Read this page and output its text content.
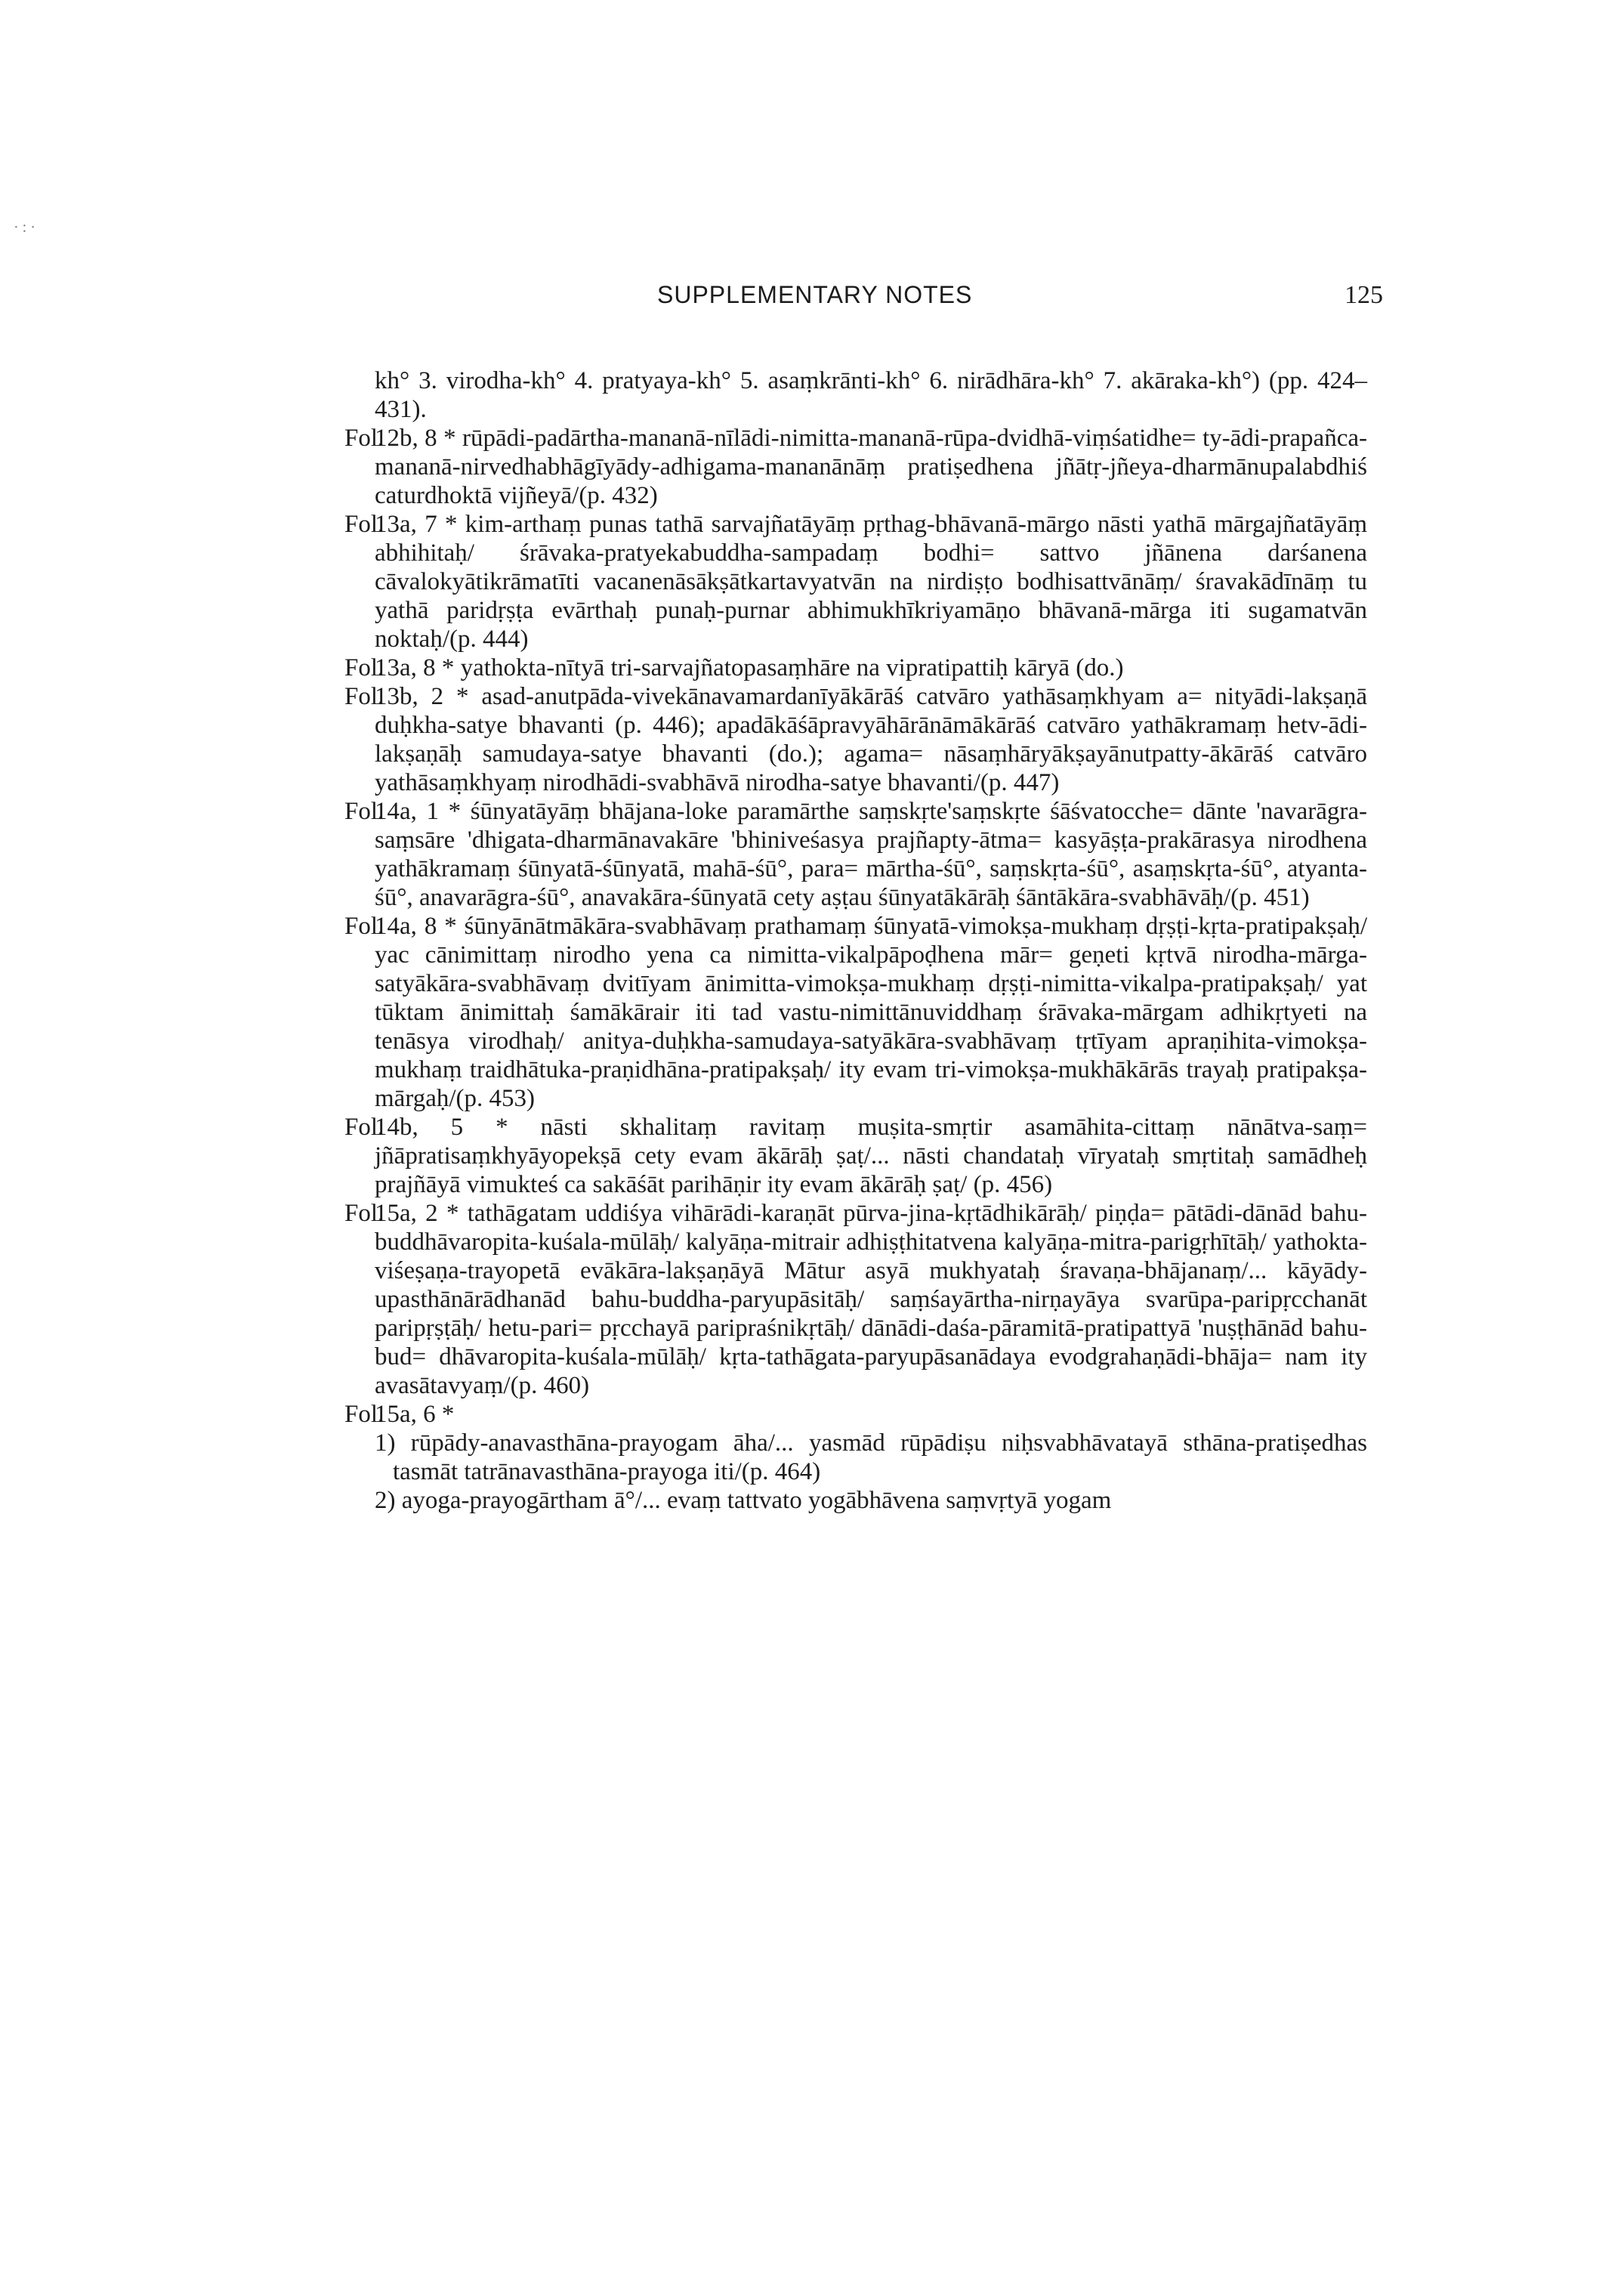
SUPPLEMENTARY NOTES	125
· : ·
kh° 3. virodha-kh° 4. pratyaya-kh° 5. asaṃkrānti-kh° 6. nirādhāra-kh° 7. akāraka-kh°) (pp. 424–431).
Fol.
12b, 8 * rūpādi-padārtha-mananā-nīlādi-nimitta-mananā-rūpa-dvidhā-viṃśatidhe= ty-ādi-prapañca-mananā-nirvedhabhāgīyādy-adhigama-mananānāṃ pratiṣedhena jñātṛ-jñeya-dharmānupalabdhiś caturdhoktā vijñeyā/(p. 432)
Fol.
13a, 7 * kim-arthaṃ punas tathā sarvajñatāyāṃ pṛthag-bhāvanā-mārgo nāsti yathā mārgajñatāyāṃ abhihitaḥ/ śrāvaka-pratyekabuddha-sampadaṃ bodhi= sattvo jñānena darśanena cāvalokyātikrāmatīti vacanenāsākṣātkartavyatvān na nirdiṣṭo bodhisattvānāṃ/ śravakādīnāṃ tu yathā paridṛṣṭa evārthaḥ punaḥ-purnar abhimukhīkriyamāṇo bhāvanā-mārga iti sugamatvān noktaḥ/(p. 444)
Fol.
13a, 8 * yathokta-nītyā tri-sarvajñatopasaṃhāre na vipratipattiḥ kāryā (do.)
Fol.
13b, 2 * asad-anutpāda-vivekānavamardanīyākārāś catvāro yathāsaṃkhyam a= nityādi-lakṣaṇā duḥkha-satye bhavanti (p. 446); apadākāśāpravyāhārānāmākārāś catvāro yathākramaṃ hetv-ādi-lakṣaṇāḥ samudaya-satye bhavanti (do.); agama= nāsaṃhāryākṣayānutpatty-ākārāś catvāro yathāsaṃkhyaṃ nirodhādi-svabhāvā nirodha-satye bhavanti/(p. 447)
Fol.
14a, 1 * śūnyatāyāṃ bhājana-loke paramārthe saṃskṛte'saṃskṛte śāśvatocche= dānte 'navarāgra-saṃsāre 'dhigata-dharmānavakāre 'bhiniveśasya prajñapty-ātma= kasyāṣṭa-prakārasya nirodhena yathākramaṃ śūnyatā-śūnyatā, mahā-śū°, para= mārtha-śū°, saṃskṛta-śū°, asaṃskṛta-śū°, atyanta-śū°, anavarāgra-śū°, anavakāra-śūnyatā cety aṣṭau śūnyatākārāḥ śāntākāra-svabhāvāḥ/(p. 451)
Fol.
14a, 8 * śūnyānātmākāra-svabhāvaṃ prathamaṃ śūnyatā-vimokṣa-mukhaṃ dṛṣṭi-kṛta-pratipakṣaḥ/ yac cānimittaṃ nirodho yena ca nimitta-vikalpāpoḍhena mār= geṇeti kṛtvā nirodha-mārga-satyākāra-svabhāvaṃ dvitīyam ānimitta-vimokṣa-mukhaṃ dṛṣṭi-nimitta-vikalpa-pratipakṣaḥ/ yat tūktam ānimittaḥ śamākārair iti tad vastu-nimittānuviddhaṃ śrāvaka-mārgam adhikṛtyeti na tenāsya virodhaḥ/ anitya-duḥkha-samudaya-satyākāra-svabhāvaṃ tṛtīyam apraṇihita-vimokṣa-mukhaṃ traidhātuka-praṇidhāna-pratipakṣaḥ/ ity evam tri-vimokṣa-mukhākārās trayaḥ pratipakṣa-mārgaḥ/(p. 453)
Fol.
14b, 5 * nāsti skhalitaṃ ravitaṃ muṣita-smṛtir asamāhita-cittaṃ nānātva-saṃ= jñāpratisaṃkhyāyopekṣā cety evam ākārāḥ ṣaṭ/... nāsti chandataḥ vīryataḥ smṛtitaḥ samādheḥ prajñāyā vimukteś ca sakāśāt parihāṇir ity evam ākārāḥ ṣaṭ/ (p. 456)
Fol.
15a, 2 * tathāgatam uddiśya vihārādi-karaṇāt pūrva-jina-kṛtādhikārāḥ/ piṇḍa= pātādi-dānād bahu-buddhāvaropita-kuśala-mūlāḥ/ kalyāṇa-mitrair adhiṣṭhitatvena kalyāṇa-mitra-parigṛhītāḥ/ yathokta-viśeṣaṇa-trayopetā evākāra-lakṣaṇāyā Mātur asyā mukhyataḥ śravaṇa-bhājanaṃ/... kāyādy-upasthānārādhanād bahu-buddha-paryupāsitāḥ/ saṃśayārtha-nirṇayāya svarūpa-paripṛcchanāt paripṛṣṭāḥ/ hetu-pari= pṛcchayā paripraśnikṛtāḥ/ dānādi-daśa-pāramitā-pratipattyā 'nuṣṭhānād bahu-bud= dhāvaropita-kuśala-mūlāḥ/ kṛta-tathāgata-paryupāsanādaya evodgrahaṇādi-bhāja= nam ity avasātavyaṃ/(p. 460)
Fol.
15a, 6 *
1) rūpādy-anavasthāna-prayogam āha/... yasmād rūpādiṣu niḥsvabhāvatayā sthāna-pratiṣedhas tasmāt tatrānavasthāna-prayoga iti/(p. 464)
2) ayoga-prayogārtham ā°/... evaṃ tattvato yogābhāvena saṃvṛtyā yogam
